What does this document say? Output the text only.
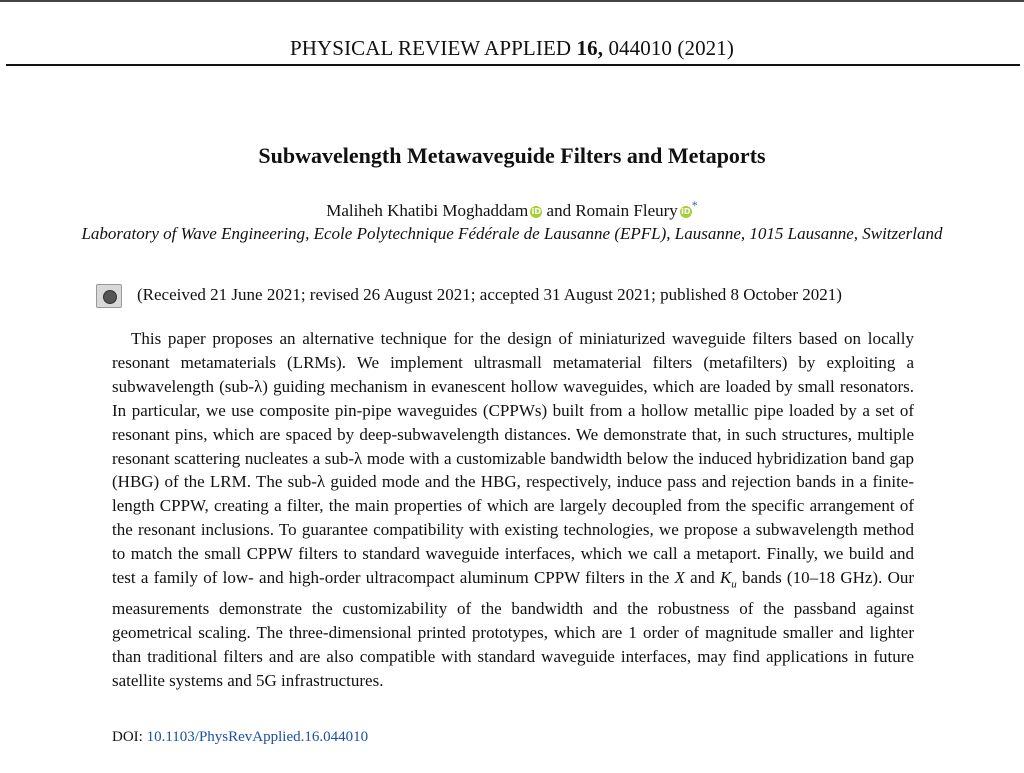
PHYSICAL REVIEW APPLIED 16, 044010 (2021)
Subwavelength Metawaveguide Filters and Metaports
Maliheh Khatibi Moghaddam iD and Romain Fleury iD*
Laboratory of Wave Engineering, Ecole Polytechnique Fédérale de Lausanne (EPFL), Lausanne, 1015 Lausanne, Switzerland
(Received 21 June 2021; revised 26 August 2021; accepted 31 August 2021; published 8 October 2021)
This paper proposes an alternative technique for the design of miniaturized waveguide filters based on locally resonant metamaterials (LRMs). We implement ultrasmall metamaterial filters (metafilters) by exploiting a subwavelength (sub-λ) guiding mechanism in evanescent hollow waveguides, which are loaded by small resonators. In particular, we use composite pin-pipe waveguides (CPPWs) built from a hollow metallic pipe loaded by a set of resonant pins, which are spaced by deep-subwavelength distances. We demonstrate that, in such structures, multiple resonant scattering nucleates a sub-λ mode with a customizable bandwidth below the induced hybridization band gap (HBG) of the LRM. The sub-λ guided mode and the HBG, respectively, induce pass and rejection bands in a finite-length CPPW, creating a filter, the main properties of which are largely decoupled from the specific arrangement of the resonant inclusions. To guarantee compatibility with existing technologies, we propose a subwavelength method to match the small CPPW filters to standard waveguide interfaces, which we call a metaport. Finally, we build and test a family of low- and high-order ultracompact aluminum CPPW filters in the X and $K_u$ bands (10–18 GHz). Our measurements demonstrate the customizability of the bandwidth and the robustness of the passband against geometrical scaling. The three-dimensional printed prototypes, which are 1 order of magnitude smaller and lighter than traditional filters and are also compatible with standard waveguide interfaces, may find applications in future satellite systems and 5G infrastructures.
DOI: 10.1103/PhysRevApplied.16.044010
